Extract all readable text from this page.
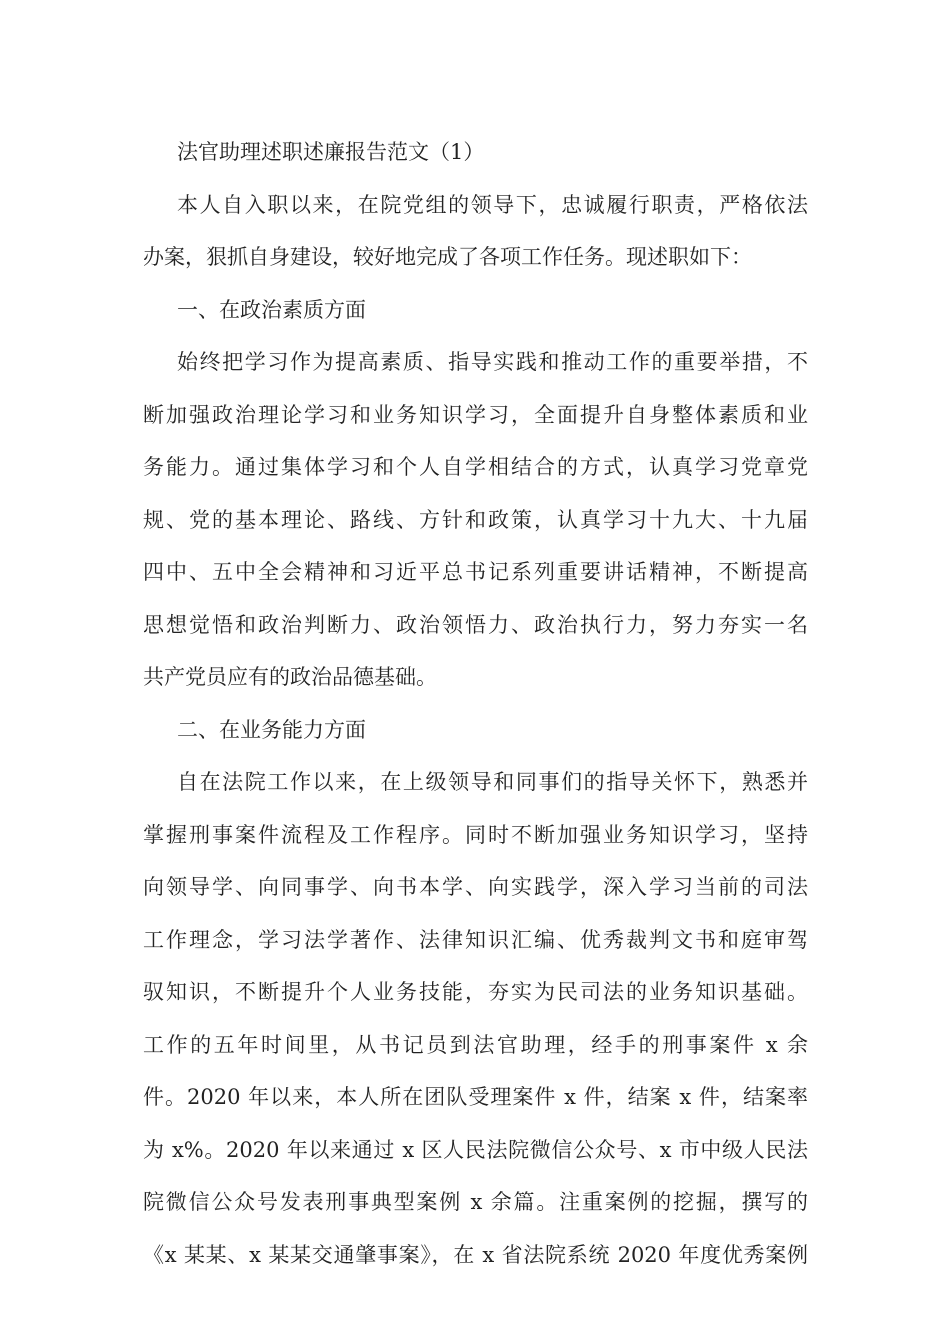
法官助理述职述廉报告范文（1）
本人自入职以来，在院党组的领导下，忠诚履行职责，严格依法
办案，狠抓自身建设，较好地完成了各项工作任务。现述职如下：
一、在政治素质方面
始终把学习作为提高素质、指导实践和推动工作的重要举措，不
断加强政治理论学习和业务知识学习，全面提升自身整体素质和业
务能力。通过集体学习和个人自学相结合的方式，认真学习党章党
规、党的基本理论、路线、方针和政策，认真学习十九大、十九届
四中、五中全会精神和习近平总书记系列重要讲话精神，不断提高
思想觉悟和政治判断力、政治领悟力、政治执行力，努力夯实一名
共产党员应有的政治品德基础。
二、在业务能力方面
自在法院工作以来，在上级领导和同事们的指导关怀下，熟悉并
掌握刑事案件流程及工作程序。同时不断加强业务知识学习，坚持
向领导学、向同事学、向书本学、向实践学，深入学习当前的司法
工作理念，学习法学著作、法律知识汇编、优秀裁判文书和庭审驾
驭知识，不断提升个人业务技能，夯实为民司法的业务知识基础。
工作的五年时间里，从书记员到法官助理，经手的刑事案件 x 余
件。2020 年以来，本人所在团队受理案件 x 件，结案 x 件，结案率
为 x%。2020 年以来通过 x 区人民法院微信公众号、x 市中级人民法
院微信公众号发表刑事典型案例 x 余篇。注重案例的挖掘，撰写的
《x 某某、x 某某交通肇事案》，在 x 省法院系统 2020 年度优秀案例
